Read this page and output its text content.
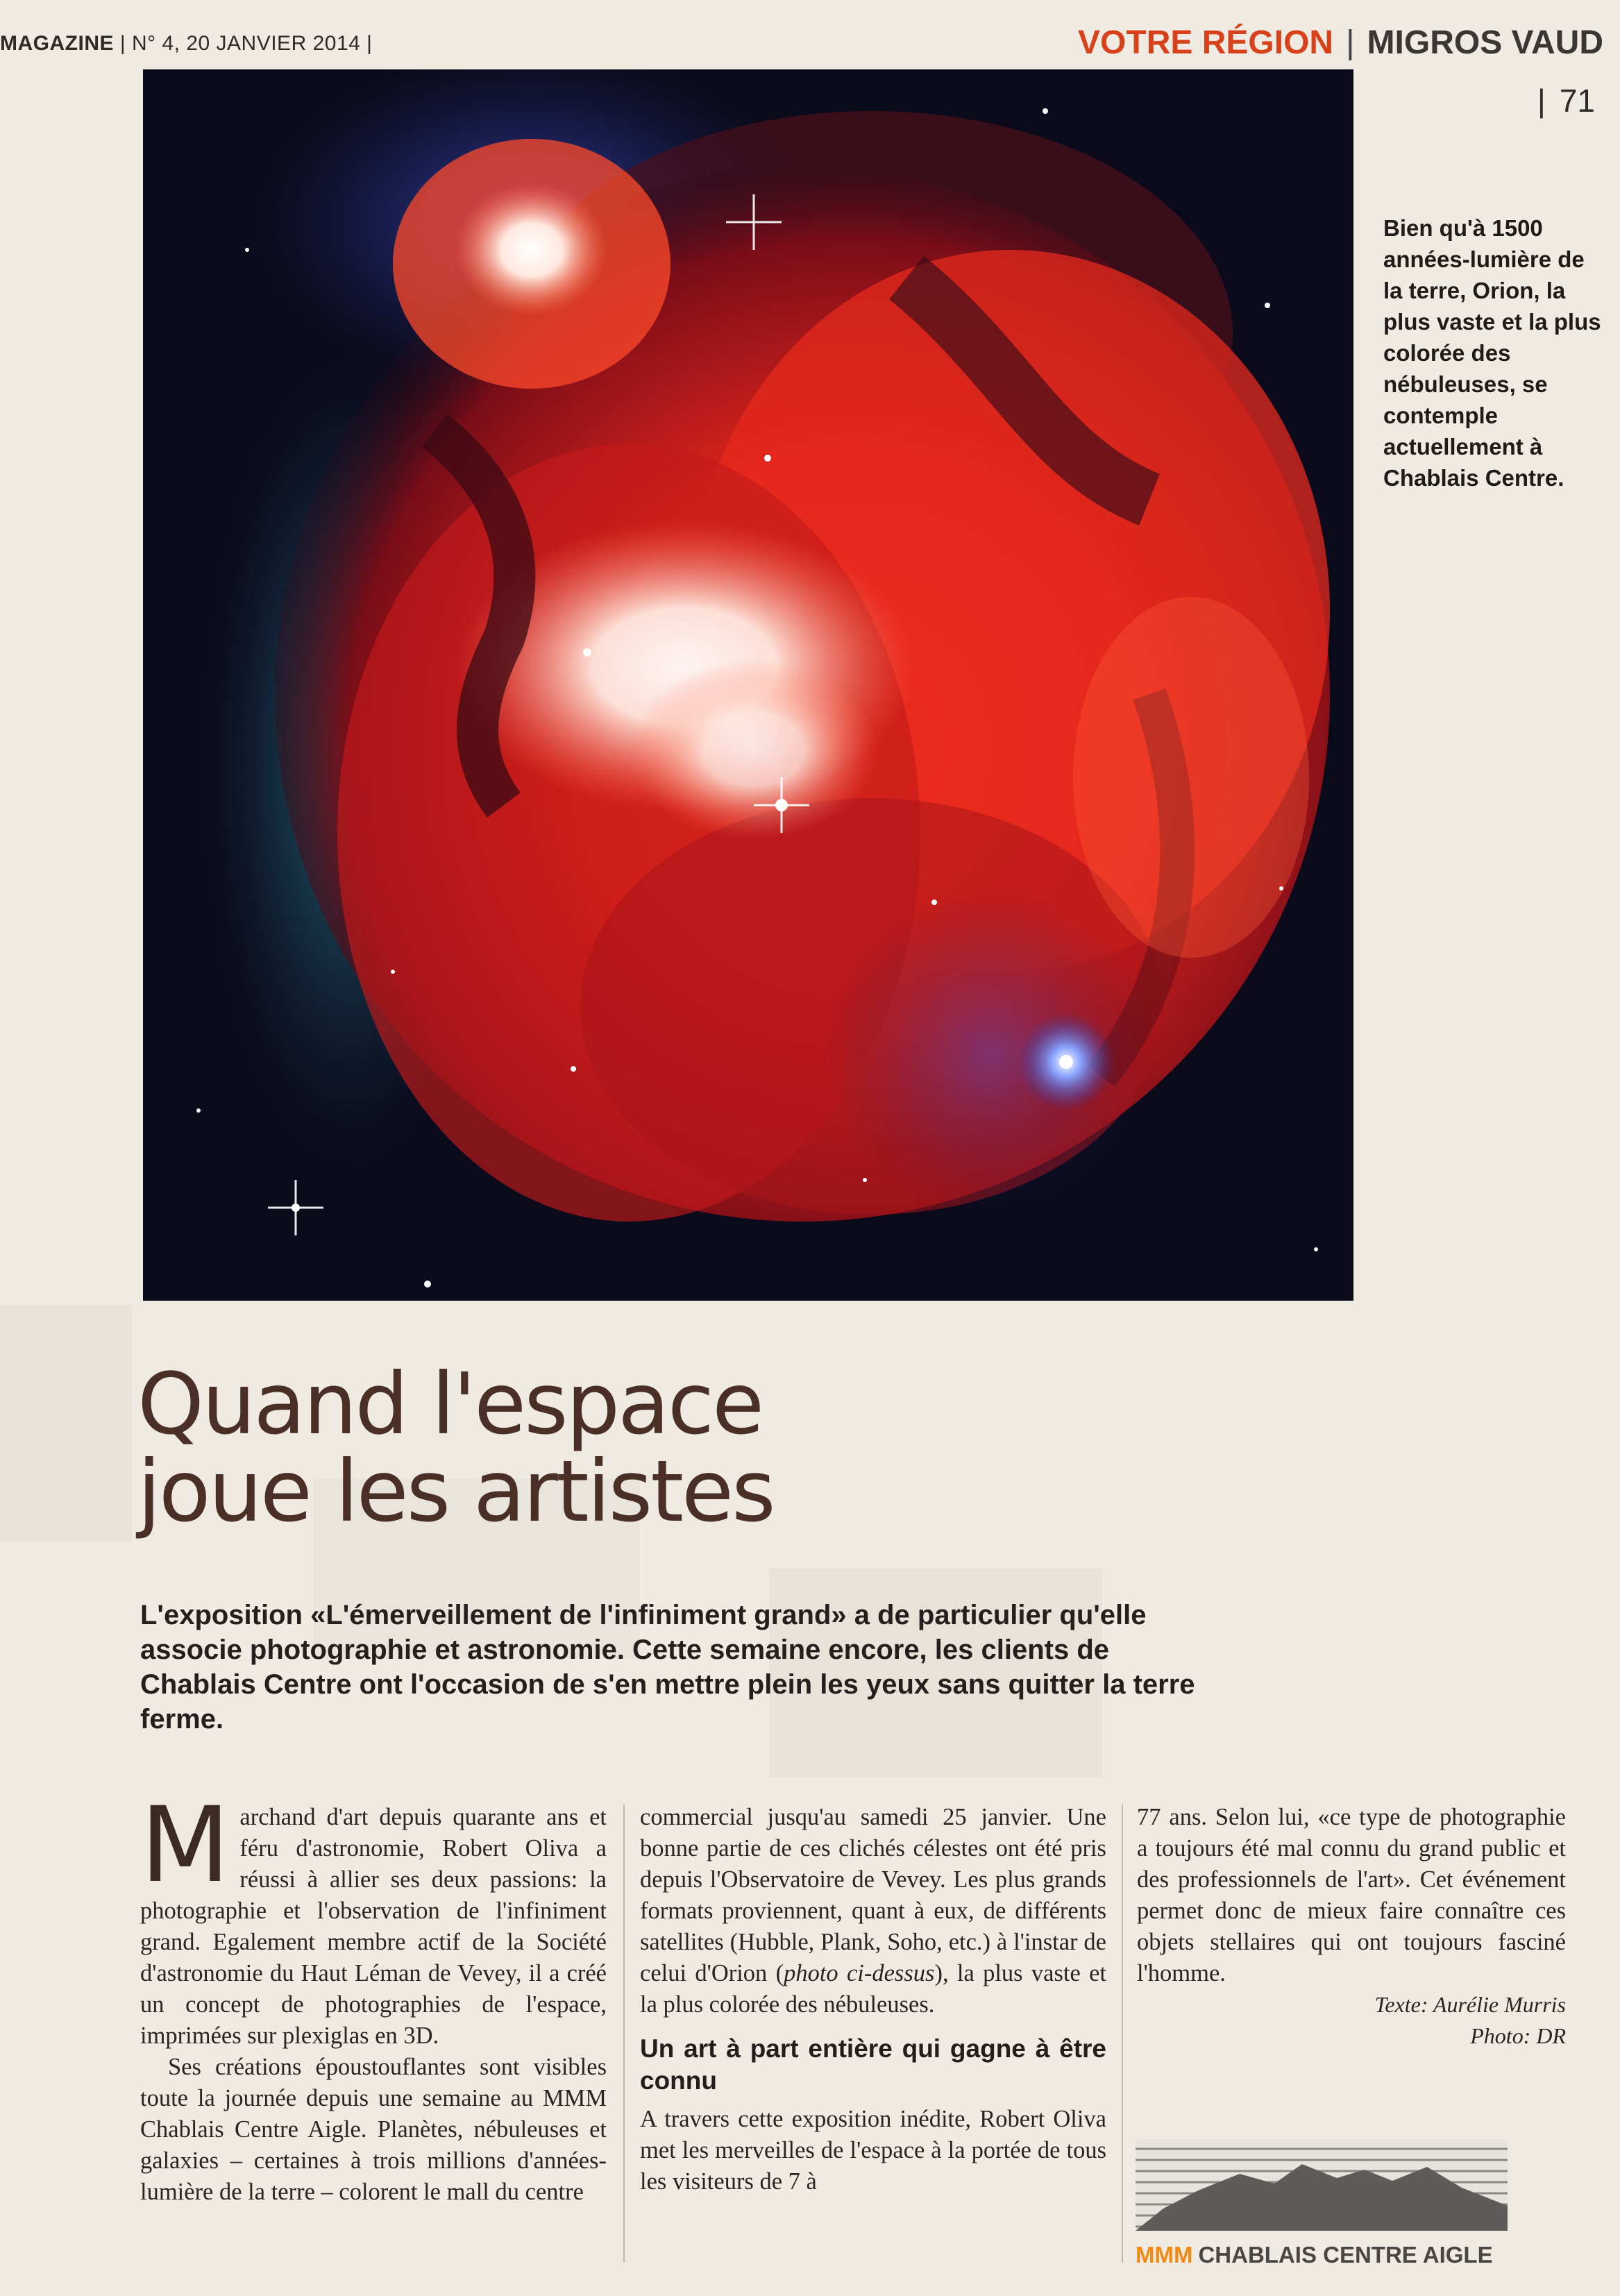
MAGAZINE | N° 4, 20 JANVIER 2014 |	VOTRE RÉGION | MIGROS VAUD
| 71
Bien qu'à 1500 années-lumière de la terre, Orion, la plus vaste et la plus colorée des nébuleuses, se contemple actuellement à Chablais Centre.
Quand l'espace
joue les artistes
L'exposition «L'émerveillement de l'infiniment grand» a de particulier qu'elle associe photographie et astronomie. Cette semaine encore, les clients de Chablais Centre ont l'occasion de s'en mettre plein les yeux sans quitter la terre ferme.

Marchand d'art depuis quarante ans et féru d'astronomie, Robert Oliva a réussi à allier ses deux passions: la photographie et l'observation de l'infiniment grand. Egalement membre actif de la Société d'astronomie du Haut Léman de Vevey, il a créé un concept de photographies de l'espace, imprimées sur plexiglas en 3D.

Ses créations époustouflantes sont visibles toute la journée depuis une semaine au MMM Chablais Centre Aigle. Planètes, nébuleuses et galaxies – certaines à trois millions d'années-lumière de la terre – colorent le mall du centre

commercial jusqu'au samedi 25 janvier. Une bonne partie de ces clichés célestes ont été pris depuis l'Observatoire de Vevey. Les plus grands formats proviennent, quant à eux, de différents satellites (Hubble, Plank, Soho, etc.) à l'instar de celui d'Orion (photo ci-dessus), la plus vaste et la plus colorée des nébuleuses.

Un art à part entière qui gagne à être connu

A travers cette exposition inédite, Robert Oliva met les merveilles de l'espace à la portée de tous les visiteurs de 7 à

77 ans. Selon lui, «ce type de photographie a toujours été mal connu du grand public et des professionnels de l'art». Cet événement permet donc de mieux faire connaître ces objets stellaires qui ont toujours fasciné l'homme.

Texte: Aurélie Murris
Photo: DR
MMM CHABLAIS CENTRE AIGLE
